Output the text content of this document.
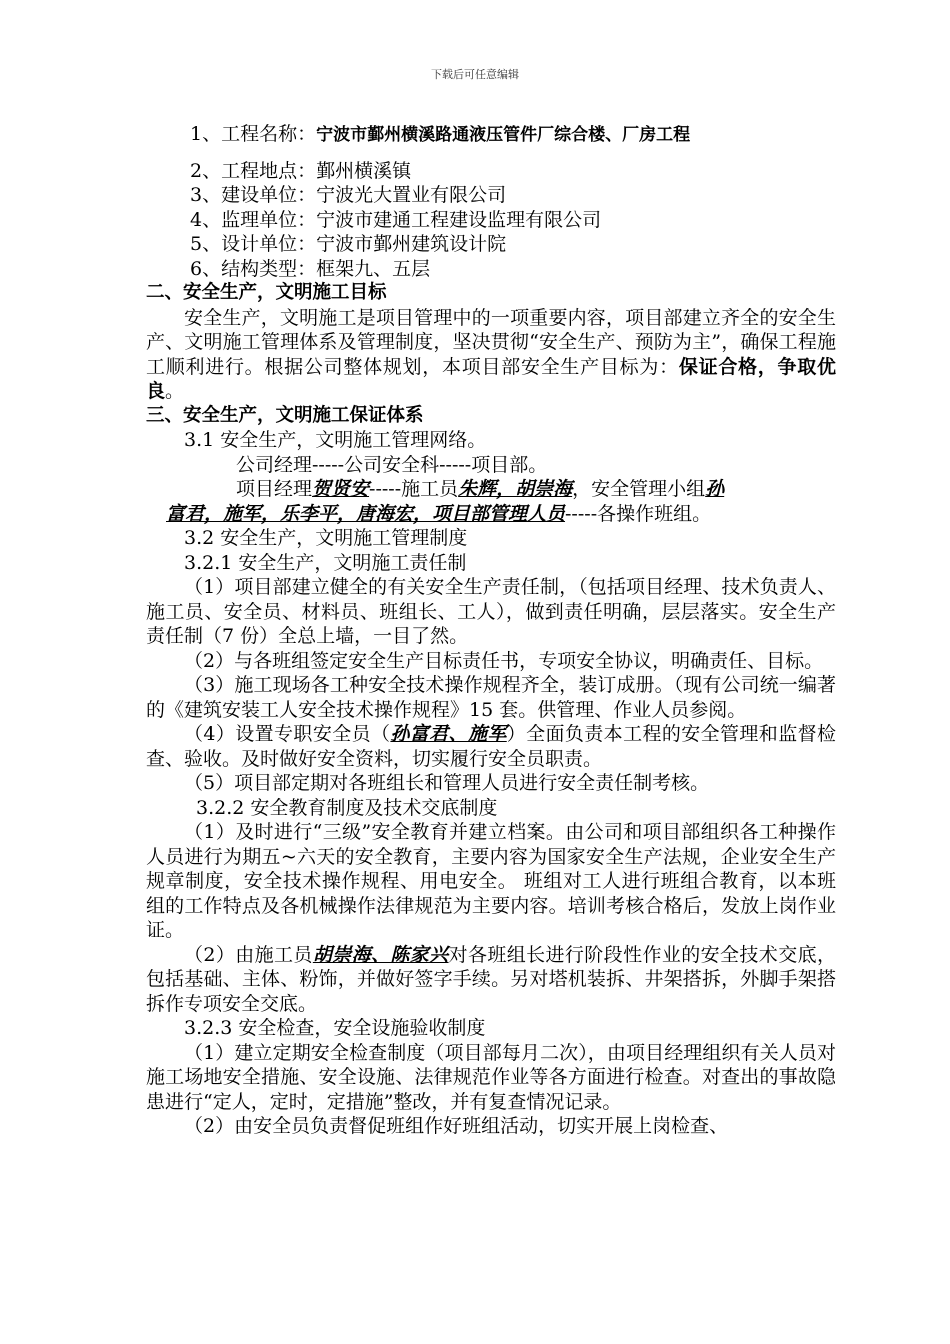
下载后可任意编辑
1、工程名称：宁波市鄞州横溪路通液压管件厂综合楼、厂房工程
2、工程地点：鄞州横溪镇
3、建设单位：宁波光大置业有限公司
4、监理单位：宁波市建通工程建设监理有限公司
5、设计单位：宁波市鄞州建筑设计院
6、结构类型：框架九、五层
二、安全生产，文明施工目标
安全生产，文明施工是项目管理中的一项重要内容，项目部建立齐全的安全生产、文明施工管理体系及管理制度，坚决贯彻“安全生产、预防为主”，确保工程施工顺利进行。根据公司整体规划，本项目部安全生产目标为：保证合格，争取优良。
三、安全生产，文明施工保证体系
3.1 安全生产，文明施工管理网络。
公司经理-----公司安全科-----项目部。
项目经理贺贤安-----施工员朱辉，胡崇海，安全管理小组孙
富君，施军，乐李平，唐海宏，项目部管理人员-----各操作班组。
3.2 安全生产，文明施工管理制度
3.2.1 安全生产，文明施工责任制
（1）项目部建立健全的有关安全生产责任制，（包括项目经理、技术负责人、施工员、安全员、材料员、班组长、工人），做到责任明确，层层落实。安全生产责任制（7 份）全总上墙，一目了然。
（2）与各班组签定安全生产目标责任书，专项安全协议，明确责任、目标。
（3）施工现场各工种安全技术操作规程齐全，装订成册。（现有公司统一编著的《建筑安装工人安全技术操作规程》15 套。供管理、作业人员参阅。
（4）设置专职安全员（孙富君、施军）全面负责本工程的安全管理和监督检查、验收。及时做好安全资料，切实履行安全员职责。
（5）项目部定期对各班组长和管理人员进行安全责任制考核。
3.2.2 安全教育制度及技术交底制度
（1）及时进行“三级”安全教育并建立档案。由公司和项目部组织各工种操作人员进行为期五~六天的安全教育，主要内容为国家安全生产法规，企业安全生产规章制度，安全技术操作规程、用电安全。 班组对工人进行班组合教育，以本班组的工作特点及各机械操作法律规范为主要内容。培训考核合格后，发放上岗作业证。
（2）由施工员胡崇海、陈家兴对各班组长进行阶段性作业的安全技术交底，包括基础、主体、粉饰，并做好签字手续。另对塔机装拆、井架搭拆，外脚手架搭拆作专项安全交底。
3.2.3 安全检查，安全设施验收制度
（1）建立定期安全检查制度（项目部每月二次），由项目经理组织有关人员对施工场地安全措施、安全设施、法律规范作业等各方面进行检查。对查出的事故隐患进行“定人，定时，定措施”整改，并有复查情况记录。
（2）由安全员负责督促班组作好班组活动，切实开展上岗检查、
